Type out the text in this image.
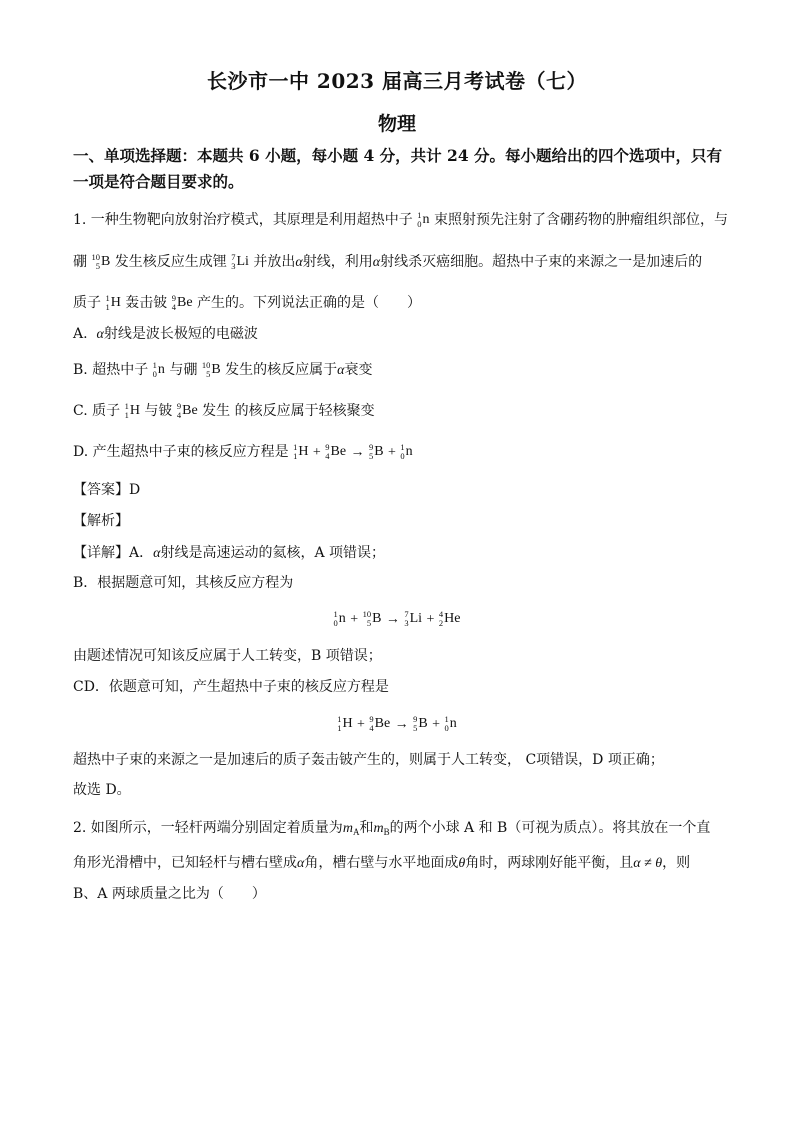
长沙市一中 2023 届高三月考试卷（七）
物理
一、单项选择题：本题共 6 小题，每小题 4 分，共计 24 分。每小题给出的四个选项中，只有
一项是符合题目要求的。
1. 一种生物靶向放射治疗模式，其原理是利用超热中子 1
0 n 束照射预先注射了含硼药物的肿瘤组织部位，与
硼 10
5 B 发生核反应生成锂 7
3 Li 并放出α射线，利用α射线杀灭癌细胞。超热中子束的来源之一是加速后的
质子 1
1 H 轰击铍 9
4 Be 产生的。下列说法正确的是（　　）
A. α射线是波长极短的电磁波
B. 超热中子 1
0 n 与硼 10
5 B 发生的核反应属于α衰变
C. 质子 1
1 H 与铍 9
4 Be 发生 的核反应属于轻核聚变
D. 产生超热中子束的核反应方程是 1
1 H + 9
4 Be → 9
5 B + 1
0 n
【答案】D
【解析】
【详解】A．α射线是高速运动的氦核，A 项错误；
B．根据题意可知，其核反应方程为
1
0 n + 10
5 B → 7
3 Li + 4
2 He
由题述情况可知该反应属于人工转变，B 项错误；
CD．依题意可知，产生超热中子束的核反应方程是
1
1 H + 9
4 Be → 9
5 B + 1
0 n
超热中子束的来源之一是加速后的质子轰击铍产生的，则属于人工转变， C项错误，D 项正确；
故选 D。
2. 如图所示，一轻杆两端分别固定着质量为$m_A$和$m_B$的两个小球 A 和 B（可视为质点）。将其放在一个直
角形光滑槽中，已知轻杆与槽右壁成α角，槽右壁与水平地面成θ角时，两球刚好能平衡，且α ≠ θ，则
B、A 两球质量之比为（　　）
